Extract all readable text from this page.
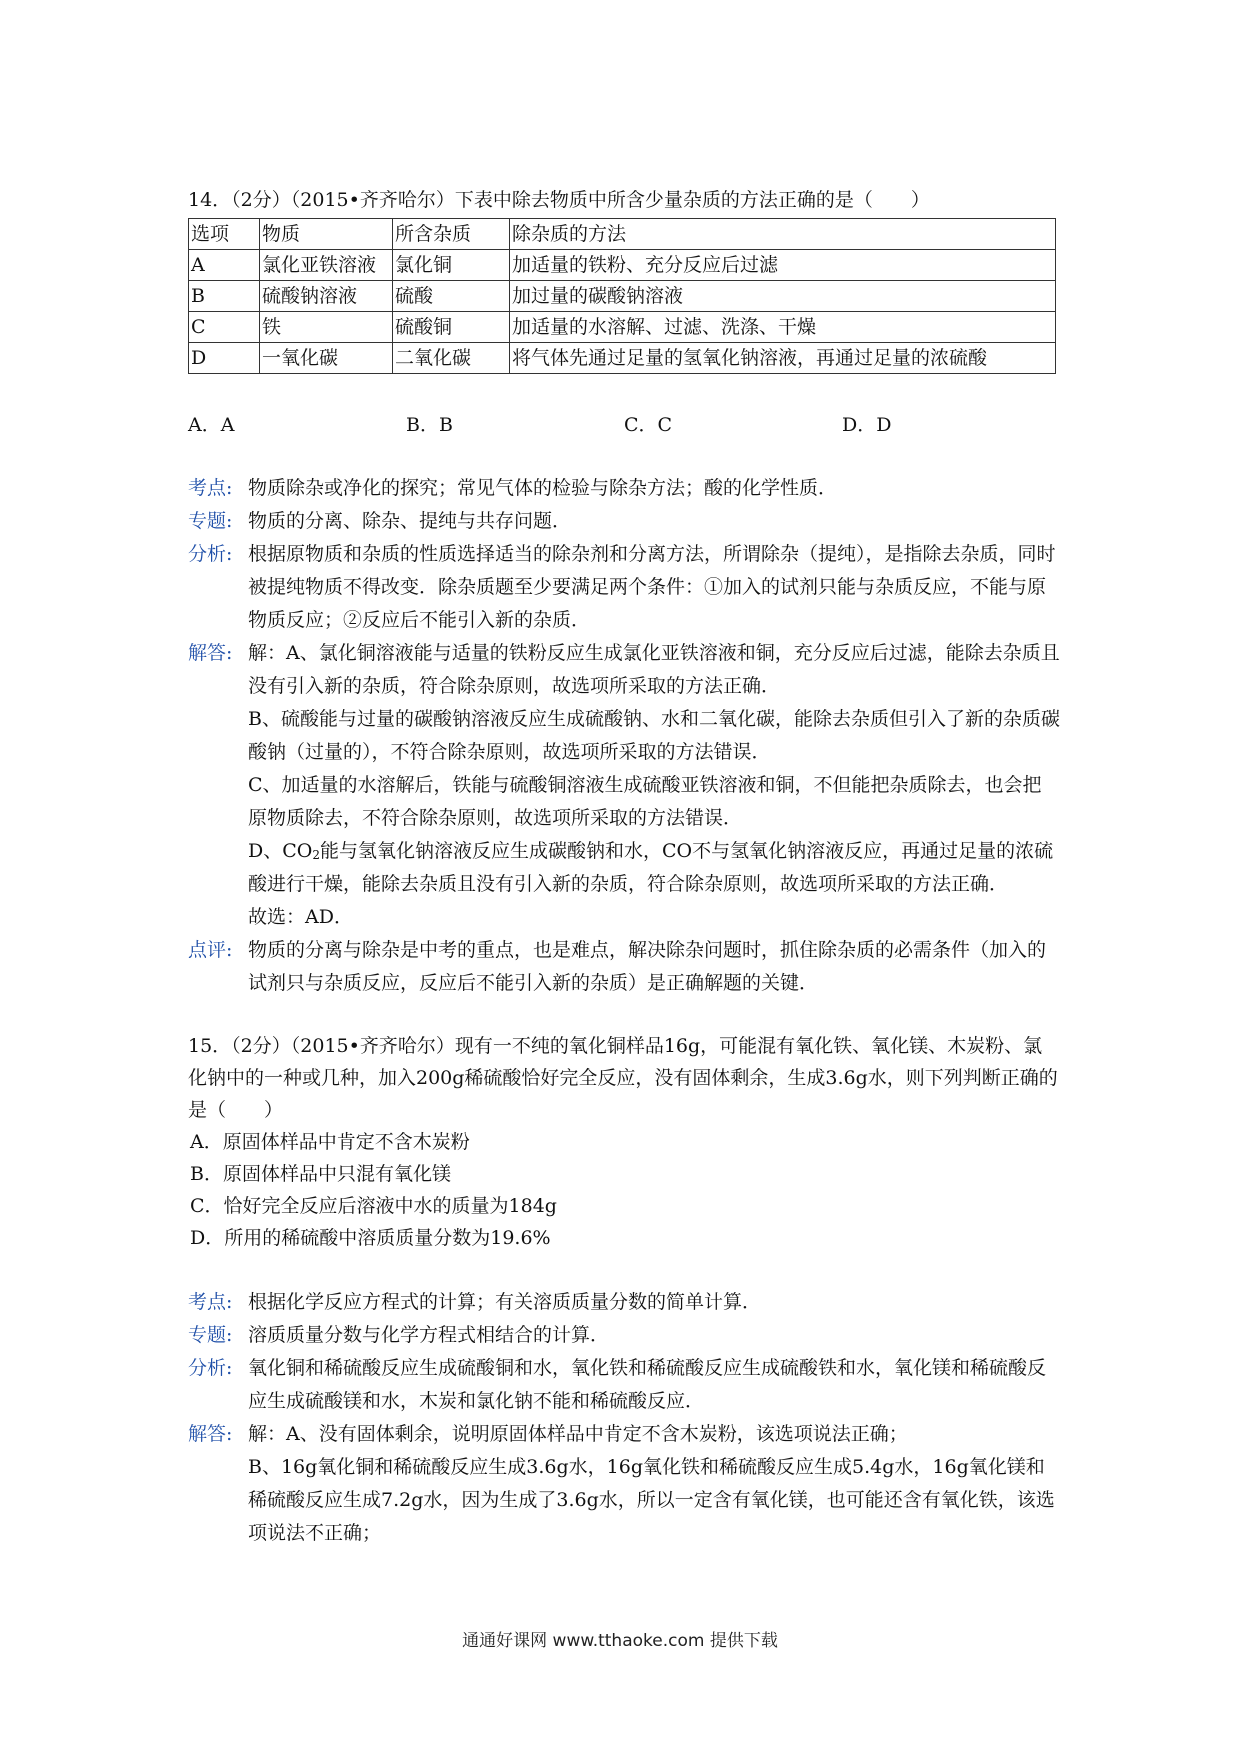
14．（2分）（2015•齐齐哈尔）下表中除去物质中所含少量杂质的方法正确的是（　　）
选项	物质	所含杂质	除杂质的方法
A	氯化亚铁溶液	氯化铜	加适量的铁粉、充分反应后过滤
B	硫酸钠溶液	硫酸	加过量的碳酸钠溶液
C	铁	硫酸铜	加适量的水溶解、过滤、洗涤、干燥
D	一氧化碳	二氧化碳	将气体先通过足量的氢氧化钠溶液，再通过足量的浓硫酸
A．A	B．B	C．C	D．D
考点: 物质除杂或净化的探究；常见气体的检验与除杂方法；酸的化学性质．
专题: 物质的分离、除杂、提纯与共存问题．
分析: 根据原物质和杂质的性质选择适当的除杂剂和分离方法，所谓除杂（提纯），是指除去杂质，同时被提纯物质不得改变．除杂质题至少要满足两个条件：①加入的试剂只能与杂质反应，不能与原物质反应；②反应后不能引入新的杂质．
解答: 解：A、氯化铜溶液能与适量的铁粉反应生成氯化亚铁溶液和铜，充分反应后过滤，能除去杂质且没有引入新的杂质，符合除杂原则，故选项所采取的方法正确．

B、硫酸能与过量的碳酸钠溶液反应生成硫酸钠、水和二氧化碳，能除去杂质但引入了新的杂质碳酸钠（过量的），不符合除杂原则，故选项所采取的方法错误．

C、加适量的水溶解后，铁能与硫酸铜溶液生成硫酸亚铁溶液和铜，不但能把杂质除去，也会把原物质除去，不符合除杂原则，故选项所采取的方法错误．

D、$CO_2$能与氢氧化钠溶液反应生成碳酸钠和水，CO不与氢氧化钠溶液反应，再通过足量的浓硫酸进行干燥，能除去杂质且没有引入新的杂质，符合除杂原则，故选项所采取的方法正确．

故选：AD．

点评: 物质的分离与除杂是中考的重点，也是难点，解决除杂问题时，抓住除杂质的必需条件（加入的试剂只与杂质反应，反应后不能引入新的杂质）是正确解题的关键．
15．（2分）（2015•齐齐哈尔）现有一不纯的氧化铜样品16g，可能混有氧化铁、氧化镁、木炭粉、氯化钠中的一种或几种，加入200g稀硫酸恰好完全反应，没有固体剩余，生成3.6g水，则下列判断正确的是（　　）
A．原固体样品中肯定不含木炭粉
B．原固体样品中只混有氧化镁
C．恰好完全反应后溶液中水的质量为184g
D．所用的稀硫酸中溶质质量分数为19.6%
考点: 根据化学反应方程式的计算；有关溶质质量分数的简单计算．
专题: 溶质质量分数与化学方程式相结合的计算．
分析: 氧化铜和稀硫酸反应生成硫酸铜和水，氧化铁和稀硫酸反应生成硫酸铁和水，氧化镁和稀硫酸反应生成硫酸镁和水，木炭和氯化钠不能和稀硫酸反应．
解答: 解：A、没有固体剩余，说明原固体样品中肯定不含木炭粉，该选项说法正确；

B、16g氧化铜和稀硫酸反应生成3.6g水，16g氧化铁和稀硫酸反应生成5.4g水，16g氧化镁和稀硫酸反应生成7.2g水，因为生成了3.6g水，所以一定含有氧化镁，也可能还含有氧化铁，该选项说法不正确；

通通好课网 www.tthaoke.com 提供下载
